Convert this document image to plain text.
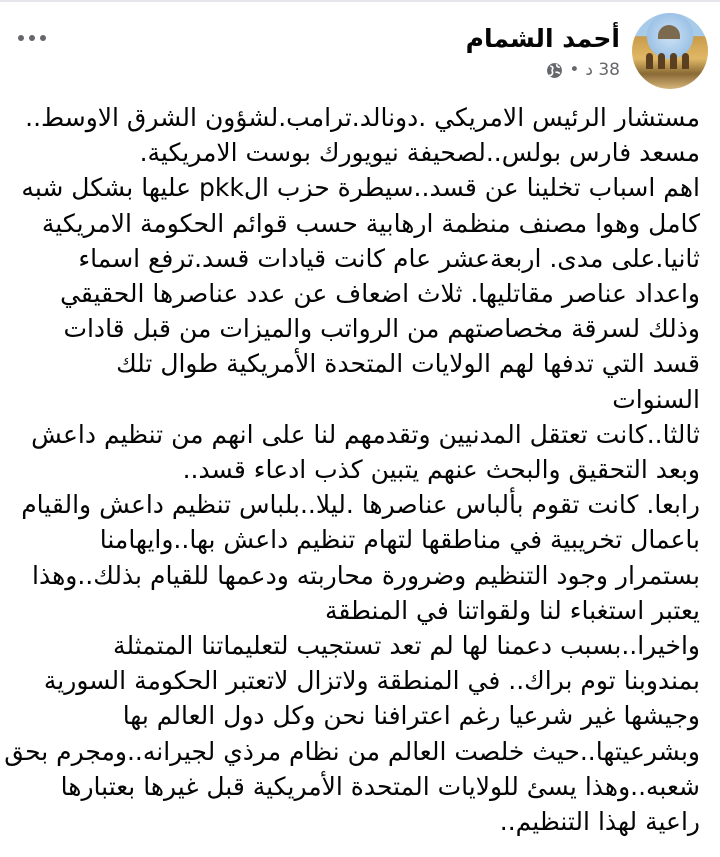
أحمد الشمام
38 د
•
مستشار الرئيس الامريكي .دونالد.ترامب.لشؤون الشرق الاوسط..
مسعد فارس بولس..لصحيفة نيويورك بوست الامريكية.
اهم اسباب تخلينا عن قسد..سيطرة حزب الpkk عليها بشكل شبه
كامل وهوا مصنف منظمة ارهابية حسب قوائم الحكومة الامريكية
ثانيا.على مدى. اربعةعشر عام كانت قيادات قسد.ترفع اسماء
واعداد عناصر مقاتليها. ثلاث اضعاف عن عدد عناصرها الحقيقي
وذلك لسرقة مخصاصتهم من الرواتب والميزات من قبل قادات
قسد التي تدفها لهم الولايات المتحدة الأمريكية طوال تلك
السنوات
ثالثا..كانت تعتقل المدنيين وتقدمهم لنا على انهم من تنظيم داعش
وبعد التحقيق والبحث عنهم يتبين كذب ادعاء قسد..
رابعا. كانت تقوم بألباس عناصرها .ليلا..بلباس تنظيم داعش والقيام
باعمال تخريبية في مناطقها لتهام تنظيم داعش بها..وايهامنا
بستمرار وجود التنظيم وضرورة محاربته ودعمها للقيام بذلك..وهذا
يعتبر استغباء لنا ولقواتنا في المنطقة
واخيرا..بسبب دعمنا لها لم تعد تستجيب لتعليماتنا المتمثلة
بمندوبنا توم براك.. في المنطقة ولاتزال لاتعتبر الحكومة السورية
وجيشها غير شرعيا رغم اعترافنا نحن وكل دول العالم بها
وبشرعيتها..حيث خلصت العالم من نظام مرذي لجيرانه..ومجرم بحق
شعبه..وهذا يسئ للولايات المتحدة الأمريكية قبل غيرها بعتبارها
راعية لهذا التنظيم..
